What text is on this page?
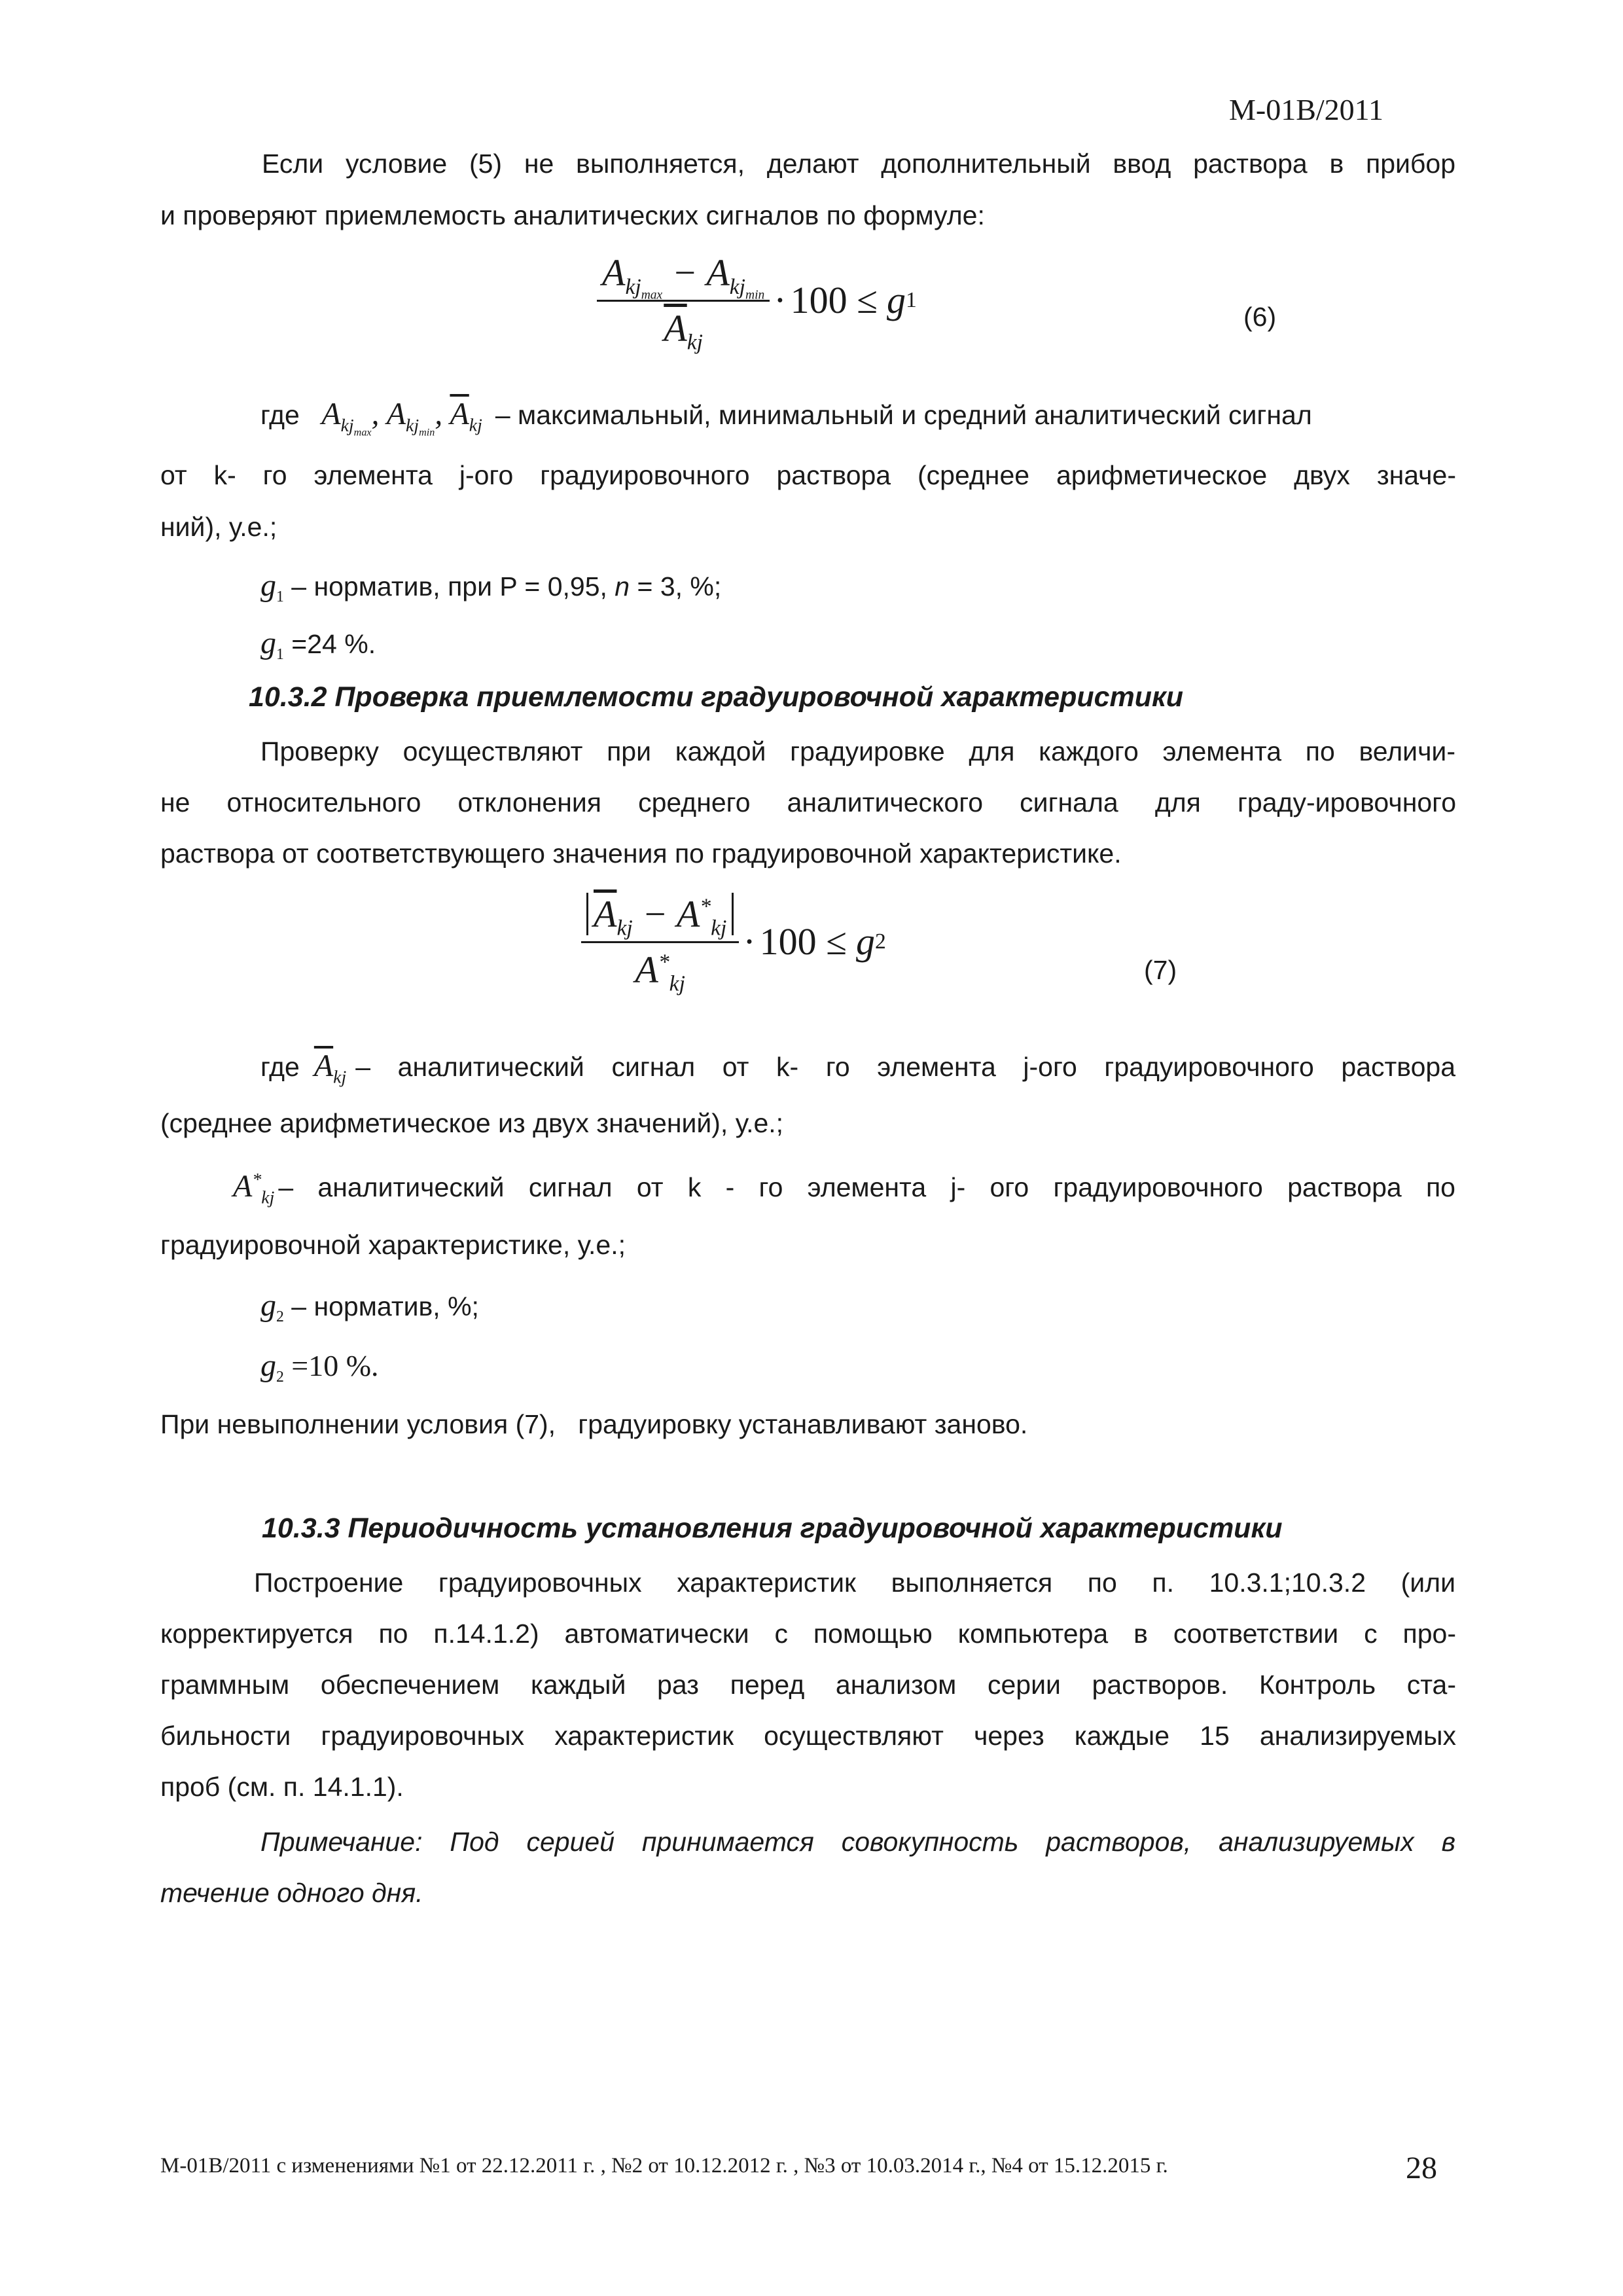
М-01В/2011
Если условие (5) не выполняется, делают дополнительный ввод раствора в прибор
и проверяют приемлемость аналитических сигналов по формуле:
$\frac{A_{kj_{max}} - A_{kj_{min}}}{\overline{A}_{kj}} \cdot 100 \le g$ 1
(6)
где $A_{kj_{max}}$, $A_{kj_{min}}$, $\overline{A}_{kj}$ – максимальный, минимальный и средний аналитический сигнал
от k- го элемента j-ого градуировочного раствора (среднее арифметическое двух значе-
ний), у.е.;
$g_1$ – норматив, при P = 0,95, n = 3, %;
$g_1 =24$ %.
10.3.2 Проверка приемлемости градуировочной характеристики
Проверку осуществляют при каждой градуировке для каждого элемента по величи-
не относительного отклонения среднего аналитического сигнала для граду-ировочного
раствора от соответствующего значения по градуировочной характеристике.
$\frac{\overline{A}_{kj} - A^*_{kj}}{A^*_{kj}} \cdot 100 \le g$ 2
(7)
где $\overline{A}_{kj}$ – аналитический сигнал от k- го элемента j-ого градуировочного раствора
(среднее арифметическое из двух значений), у.е.;
$A^*_{kj}$ – аналитический сигнал от k - го элемента j- ого градуировочного раствора по
градуировочной характеристике, у.е.;
$g_2$ – норматив, %;
$g_2 =10$ %.
При невыполнении условия (7),   градуировку устанавливают заново.
10.3.3 Периодичность установления градуировочной характеристики
Построение градуировочных характеристик выполняется по п. 10.3.1;10.3.2 (или
корректируется по п.14.1.2) автоматически с помощью компьютера в соответствии с про-
граммным обеспечением каждый раз перед анализом серии растворов. Контроль ста-
бильности градуировочных характеристик осуществляют через каждые 15 анализируемых
проб (см. п. 14.1.1).
Примечание: Под серией принимается совокупность растворов, анализируемых в
течение одного дня.
М-01В/2011 с изменениями №1 от 22.12.2011 г. , №2 от 10.12.2012 г. , №3 от 10.03.2014 г., №4 от 15.12.2015 г.	28
